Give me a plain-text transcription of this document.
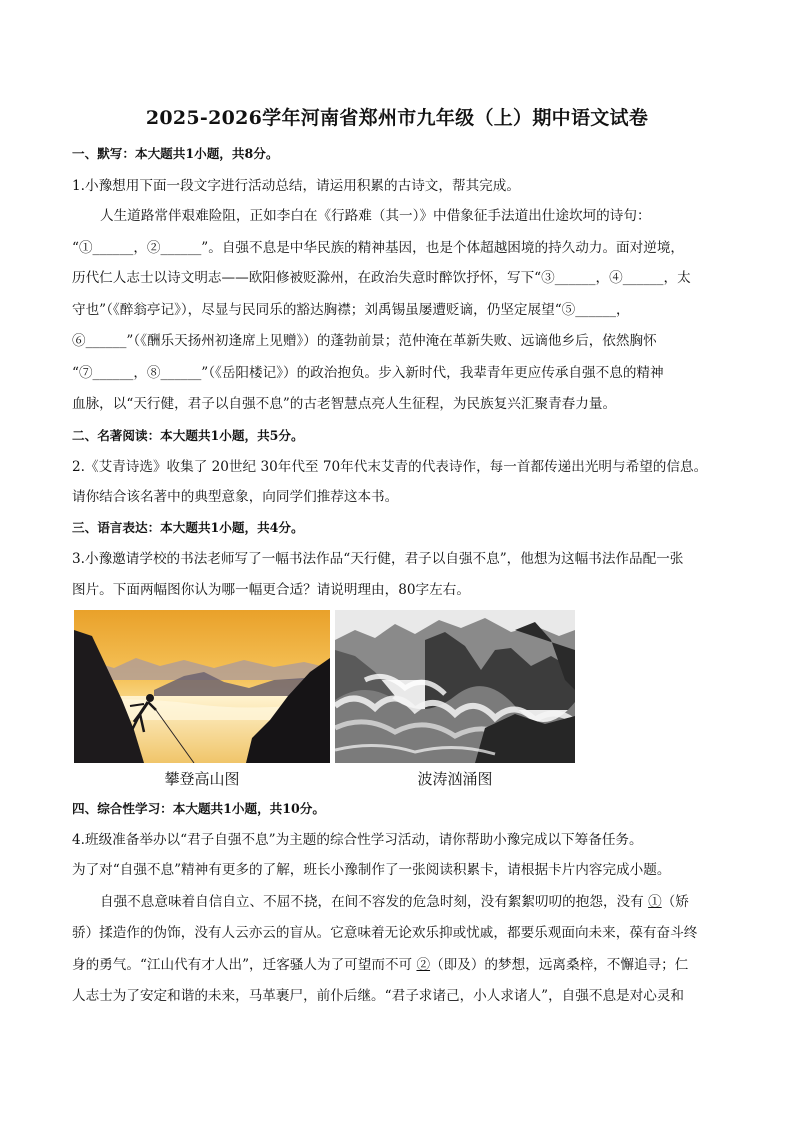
2025-2026学年河南省郑州市九年级（上）期中语文试卷
一、默写：本大题共1小题，共8分。
1.小豫想用下面一段文字进行活动总结，请运用积累的古诗文，帮其完成。
人生道路常伴艰难险阻，正如李白在《行路难（其一）》中借象征手法道出仕途坎坷的诗句：
“①______，②______”。自强不息是中华民族的精神基因，也是个体超越困境的持久动力。面对逆境，
历代仁人志士以诗文明志——欧阳修被贬滁州，在政治失意时醉饮抒怀，写下“③______，④______，太
守也”（《醉翁亭记》），尽显与民同乐的豁达胸襟；刘禹锡虽屡遭贬谪，仍坚定展望“⑤______，
⑥______”（《酬乐天扬州初逢席上见赠》）的蓬勃前景；范仲淹在革新失败、远谪他乡后，依然胸怀
“⑦______，⑧______”（《岳阳楼记》）的政治抱负。步入新时代，我辈青年更应传承自强不息的精神
血脉，以“天行健，君子以自强不息”的古老智慧点亮人生征程，为民族复兴汇聚青春力量。
二、名著阅读：本大题共1小题，共5分。
2.《艾青诗选》收集了 20世纪 30年代至 70年代末艾青的代表诗作，每一首都传递出光明与希望的信息。
请你结合该名著中的典型意象，向同学们推荐这本书。
三、语言表达：本大题共1小题，共4分。
3.小豫邀请学校的书法老师写了一幅书法作品“天行健，君子以自强不息”，他想为这幅书法作品配一张
图片。下面两幅图你认为哪一幅更合适？请说明理由，80字左右。
攀登高山图	波涛汹涌图
四、综合性学习：本大题共1小题，共10分。
4.班级准备举办以“君子自强不息”为主题的综合性学习活动，请你帮助小豫完成以下筹备任务。
为了对“自强不息”精神有更多的了解，班长小豫制作了一张阅读积累卡，请根据卡片内容完成小题。
自强不息意味着自信自立、不屈不挠，在间不容发的危急时刻，没有絮絮叨叨的抱怨，没有 ①（矫
骄）揉造作的伪饰，没有人云亦云的盲从。它意味着无论欢乐抑或忧戚，都要乐观面向未来，葆有奋斗终
身的勇气。“江山代有才人出”，迁客骚人为了可望而不可 ②（即及）的梦想，远离桑梓，不懈追寻；仁
人志士为了安定和谐的未来，马革裹尸，前仆后继。“君子求诸己，小人求诸人”，自强不息是对心灵和
